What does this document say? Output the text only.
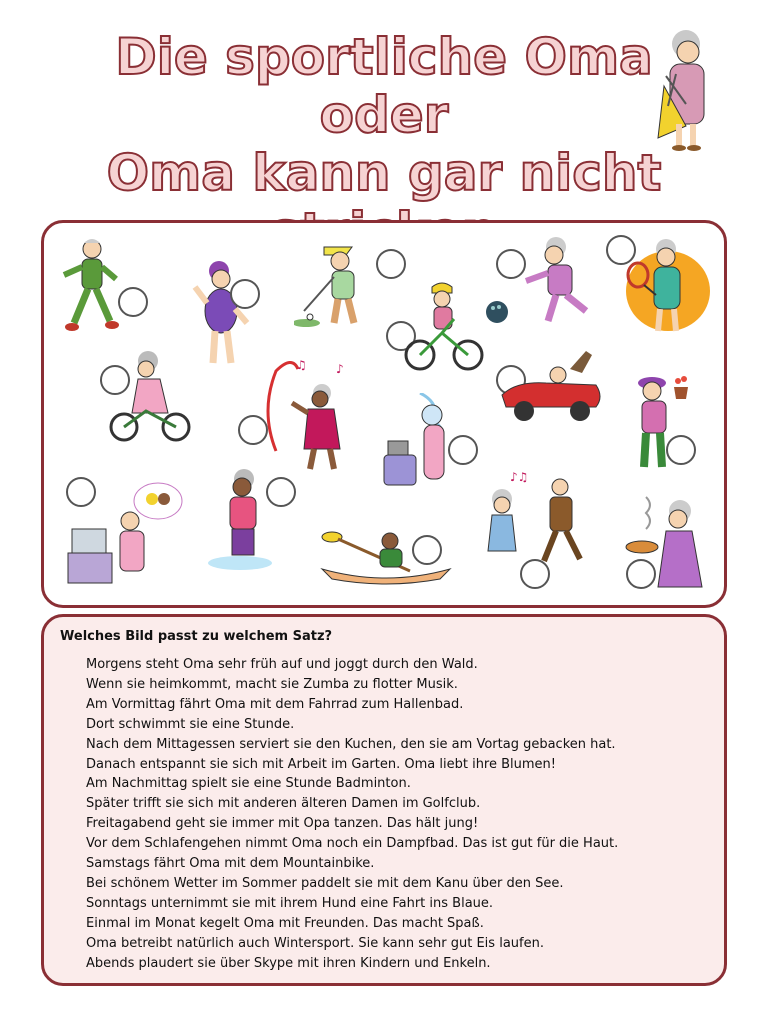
Die sportliche Oma
oder
Oma kann gar nicht
♫ ♪
♪♫
Welches Bild passt zu welchem Satz?
Morgens steht Oma sehr früh auf und joggt durch den Wald.
Wenn sie heimkommt, macht sie Zumba zu flotter Musik.
Am Vormittag fährt Oma mit dem Fahrrad zum Hallenbad.
Dort schwimmt sie eine Stunde.
Nach dem Mittagessen serviert sie den Kuchen, den sie am Vortag gebacken hat.
Danach entspannt sie sich mit Arbeit im Garten. Oma liebt ihre Blumen!
Am Nachmittag spielt sie eine Stunde Badminton.
Später trifft sie sich mit anderen älteren Damen im Golfclub.
Freitagabend geht sie immer mit Opa tanzen. Das hält jung!
Vor dem Schlafengehen nimmt Oma noch ein Dampfbad. Das ist gut für die Haut.
Samstags fährt Oma mit dem Mountainbike.
Bei schönem Wetter im Sommer paddelt sie mit dem Kanu über den See.
Sonntags unternimmt sie mit ihrem Hund eine Fahrt ins Blaue.
Einmal im Monat kegelt Oma mit Freunden. Das macht Spaß.
Oma betreibt natürlich auch Wintersport. Sie kann sehr gut Eis laufen.
Abends plaudert sie über Skype mit ihren Kindern und Enkeln.
